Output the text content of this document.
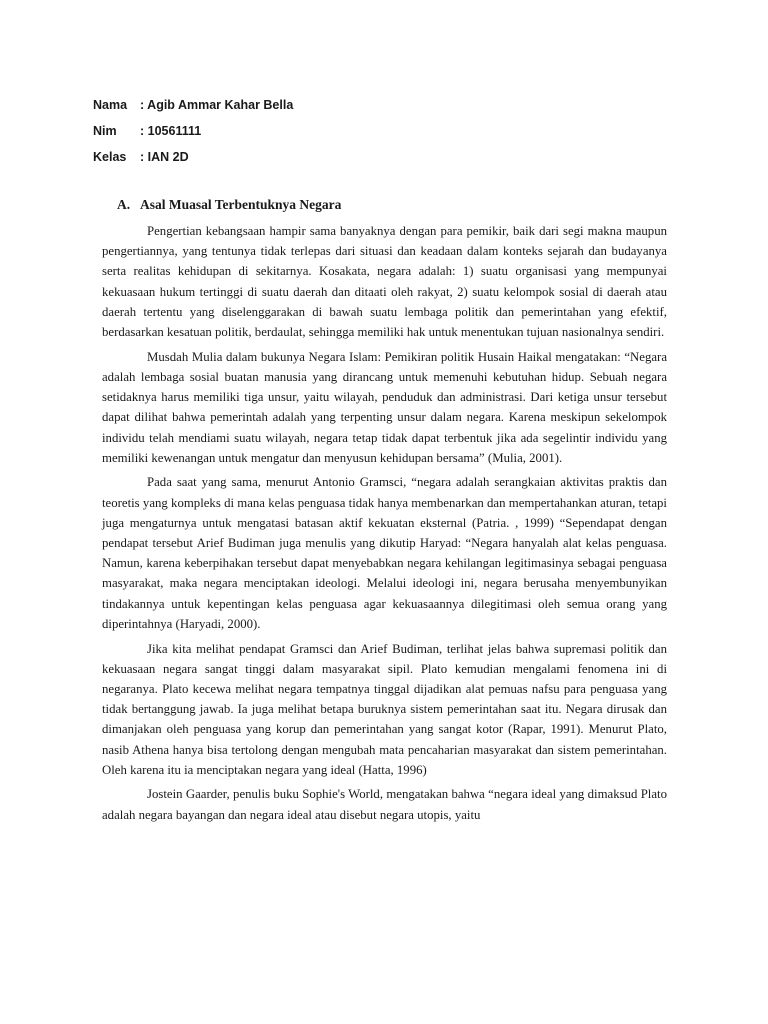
Nama	: Agib Ammar Kahar Bella
Nim	: 10561111
Kelas	: IAN 2D
A. Asal Muasal Terbentuknya Negara

Pengertian kebangsaan hampir sama banyaknya dengan para pemikir, baik dari segi makna maupun pengertiannya, yang tentunya tidak terlepas dari situasi dan keadaan dalam konteks sejarah dan budayanya serta realitas kehidupan di sekitarnya. Kosakata, negara adalah: 1) suatu organisasi yang mempunyai kekuasaan hukum tertinggi di suatu daerah dan ditaati oleh rakyat, 2) suatu kelompok sosial di daerah atau daerah tertentu yang diselenggarakan di bawah suatu lembaga politik dan pemerintahan yang efektif, berdasarkan kesatuan politik, berdaulat, sehingga memiliki hak untuk menentukan tujuan nasionalnya sendiri.

Musdah Mulia dalam bukunya Negara Islam: Pemikiran politik Husain Haikal mengatakan: “Negara adalah lembaga sosial buatan manusia yang dirancang untuk memenuhi kebutuhan hidup. Sebuah negara setidaknya harus memiliki tiga unsur, yaitu wilayah, penduduk dan administrasi. Dari ketiga unsur tersebut dapat dilihat bahwa pemerintah adalah yang terpenting unsur dalam negara. Karena meskipun sekelompok individu telah mendiami suatu wilayah, negara tetap tidak dapat terbentuk jika ada segelintir individu yang memiliki kewenangan untuk mengatur dan menyusun kehidupan bersama” (Mulia, 2001).

Pada saat yang sama, menurut Antonio Gramsci, “negara adalah serangkaian aktivitas praktis dan teoretis yang kompleks di mana kelas penguasa tidak hanya membenarkan dan mempertahankan aturan, tetapi juga mengaturnya untuk mengatasi batasan aktif kekuatan eksternal (Patria. , 1999) “Sependapat dengan pendapat tersebut Arief Budiman juga menulis yang dikutip Haryad: “Negara hanyalah alat kelas penguasa. Namun, karena keberpihakan tersebut dapat menyebabkan negara kehilangan legitimasinya sebagai penguasa masyarakat, maka negara menciptakan ideologi. Melalui ideologi ini, negara berusaha menyembunyikan tindakannya untuk kepentingan kelas penguasa agar kekuasaannya dilegitimasi oleh semua orang yang diperintahnya (Haryadi, 2000).

Jika kita melihat pendapat Gramsci dan Arief Budiman, terlihat jelas bahwa supremasi politik dan kekuasaan negara sangat tinggi dalam masyarakat sipil. Plato kemudian mengalami fenomena ini di negaranya. Plato kecewa melihat negara tempatnya tinggal dijadikan alat pemuas nafsu para penguasa yang tidak bertanggung jawab. Ia juga melihat betapa buruknya sistem pemerintahan saat itu. Negara dirusak dan dimanjakan oleh penguasa yang korup dan pemerintahan yang sangat kotor (Rapar, 1991). Menurut Plato, nasib Athena hanya bisa tertolong dengan mengubah mata pencaharian masyarakat dan sistem pemerintahan. Oleh karena itu ia menciptakan negara yang ideal (Hatta, 1996)

Jostein Gaarder, penulis buku Sophie's World, mengatakan bahwa “negara ideal yang dimaksud Plato adalah negara bayangan dan negara ideal atau disebut negara utopis, yaitu
